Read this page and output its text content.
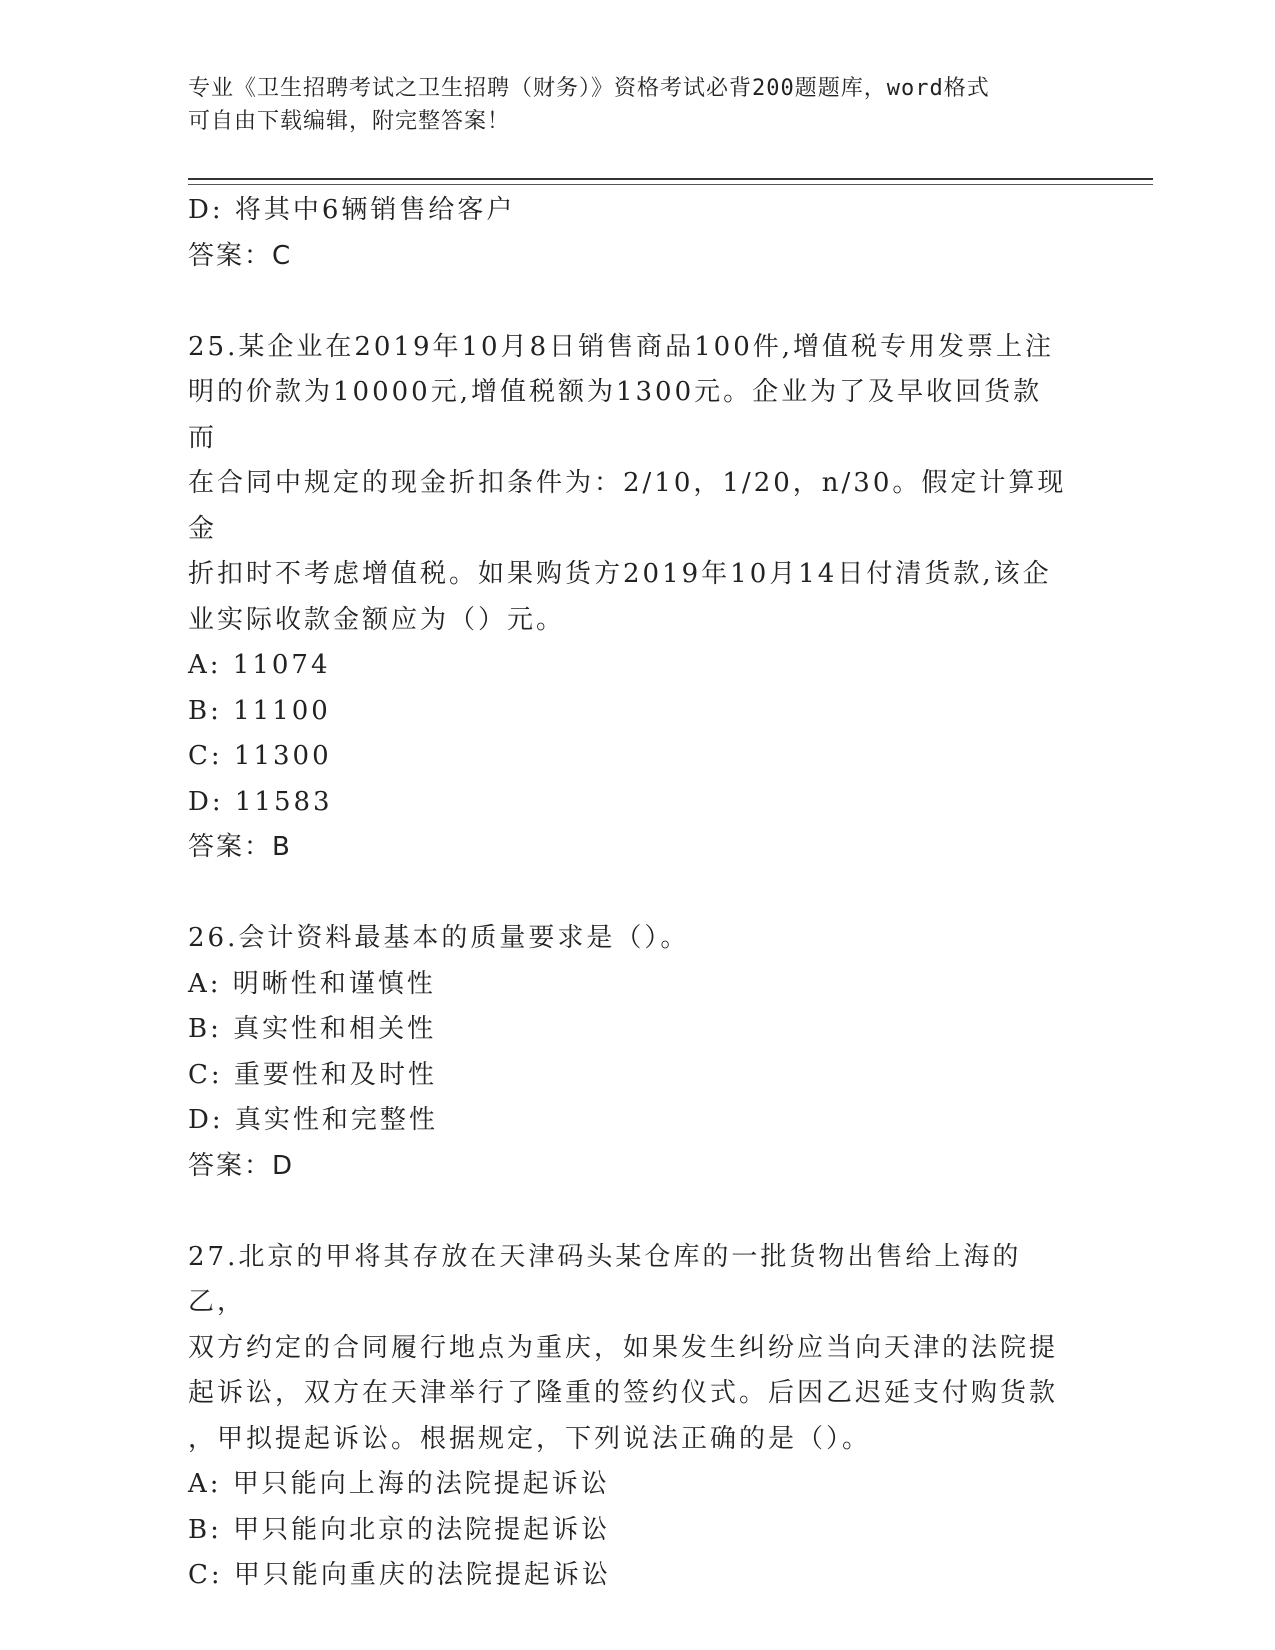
专业《卫生招聘考试之卫生招聘（财务）》资格考试必背200题题库，word格式
可自由下载编辑，附完整答案！
D: 将其中6辆销售给客户
答案：C
25.某企业在2019年10月8日销售商品100件,增值税专用发票上注
明的价款为10000元,增值税额为1300元。企业为了及早收回货款而
在合同中规定的现金折扣条件为：2/10，1/20，n/30。假定计算现金
折扣时不考虑增值税。如果购货方2019年10月14日付清货款,该企
业实际收款金额应为（）元。
A: 11074
B: 11100
C: 11300
D: 11583
答案：B
26.会计资料最基本的质量要求是（）。
A: 明晰性和谨慎性
B: 真实性和相关性
C: 重要性和及时性
D: 真实性和完整性
答案：D
27.北京的甲将其存放在天津码头某仓库的一批货物出售给上海的乙，
双方约定的合同履行地点为重庆，如果发生纠纷应当向天津的法院提
起诉讼，双方在天津举行了隆重的签约仪式。后因乙迟延支付购货款
，甲拟提起诉讼。根据规定，下列说法正确的是（）。
A: 甲只能向上海的法院提起诉讼
B: 甲只能向北京的法院提起诉讼
C: 甲只能向重庆的法院提起诉讼
